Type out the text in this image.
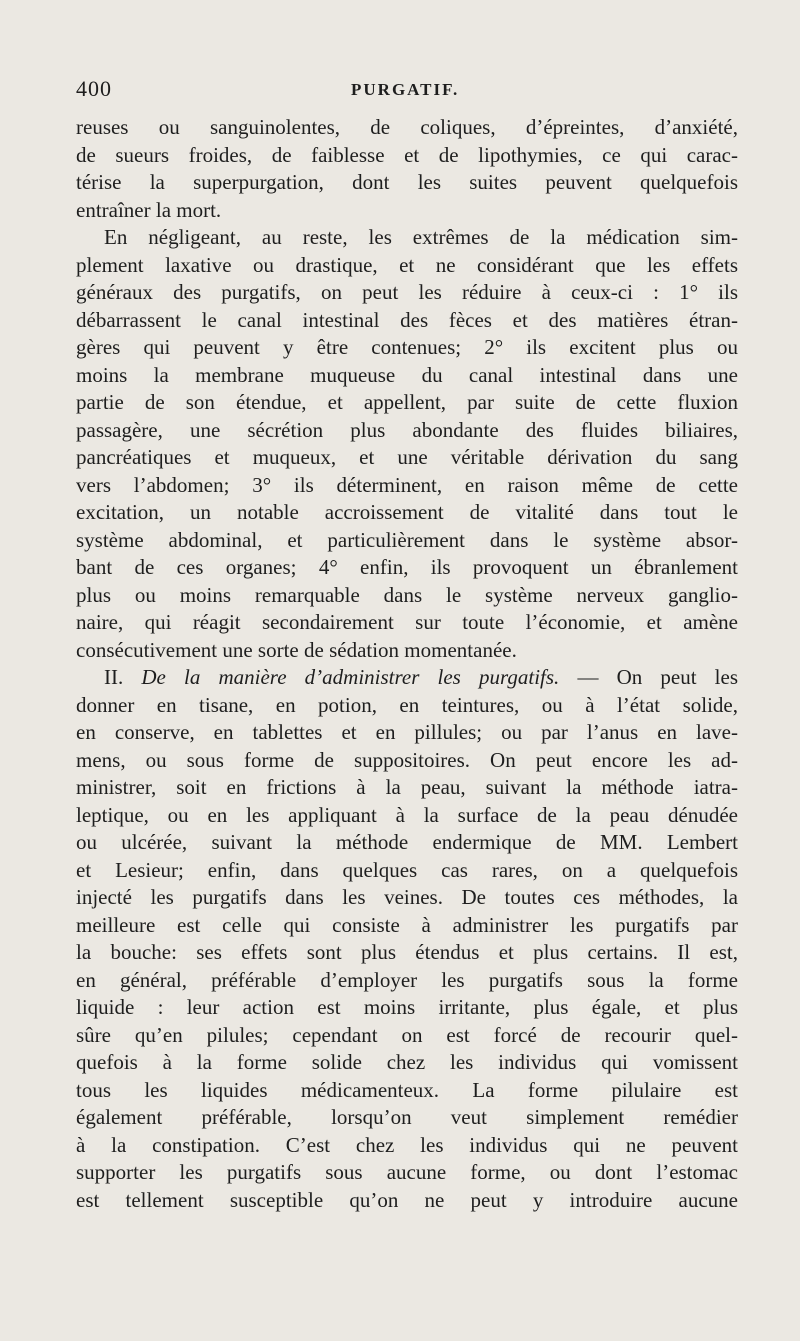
400	PURGATIF.
reuses ou sanguinolentes, de coliques, d’épreintes, d’anxiété,
de sueurs froides, de faiblesse et de lipothymies, ce qui carac-
térise la superpurgation, dont les suites peuvent quelquefois
entraîner la mort.
En négligeant, au reste, les extrêmes de la médication sim-
plement laxative ou drastique, et ne considérant que les effets
généraux des purgatifs, on peut les réduire à ceux-ci : 1° ils
débarrassent le canal intestinal des fèces et des matières étran-
gères qui peuvent y être contenues; 2° ils excitent plus ou
moins la membrane muqueuse du canal intestinal dans une
partie de son étendue, et appellent, par suite de cette fluxion
passagère, une sécrétion plus abondante des fluides biliaires,
pancréatiques et muqueux, et une véritable dérivation du sang
vers l’abdomen; 3° ils déterminent, en raison même de cette
excitation, un notable accroissement de vitalité dans tout le
système abdominal, et particulièrement dans le système absor-
bant de ces organes; 4° enfin, ils provoquent un ébranlement
plus ou moins remarquable dans le système nerveux ganglio-
naire, qui réagit secondairement sur toute l’économie, et amène
consécutivement une sorte de sédation momentanée.
II. De la manière d’administrer les purgatifs. — On peut les
donner en tisane, en potion, en teintures, ou à l’état solide,
en conserve, en tablettes et en pillules; ou par l’anus en lave-
mens, ou sous forme de suppositoires. On peut encore les ad-
ministrer, soit en frictions à la peau, suivant la méthode iatra-
leptique, ou en les appliquant à la surface de la peau dénudée
ou ulcérée, suivant la méthode endermique de MM. Lembert
et Lesieur; enfin, dans quelques cas rares, on a quelquefois
injecté les purgatifs dans les veines. De toutes ces méthodes, la
meilleure est celle qui consiste à administrer les purgatifs par
la bouche: ses effets sont plus étendus et plus certains. Il est,
en général, préférable d’employer les purgatifs sous la forme
liquide : leur action est moins irritante, plus égale, et plus
sûre qu’en pilules; cependant on est forcé de recourir quel-
quefois à la forme solide chez les individus qui vomissent
tous les liquides médicamenteux. La forme pilulaire est
également préférable, lorsqu’on veut simplement remédier
à la constipation. C’est chez les individus qui ne peuvent
supporter les purgatifs sous aucune forme, ou dont l’estomac
est tellement susceptible qu’on ne peut y introduire aucune
